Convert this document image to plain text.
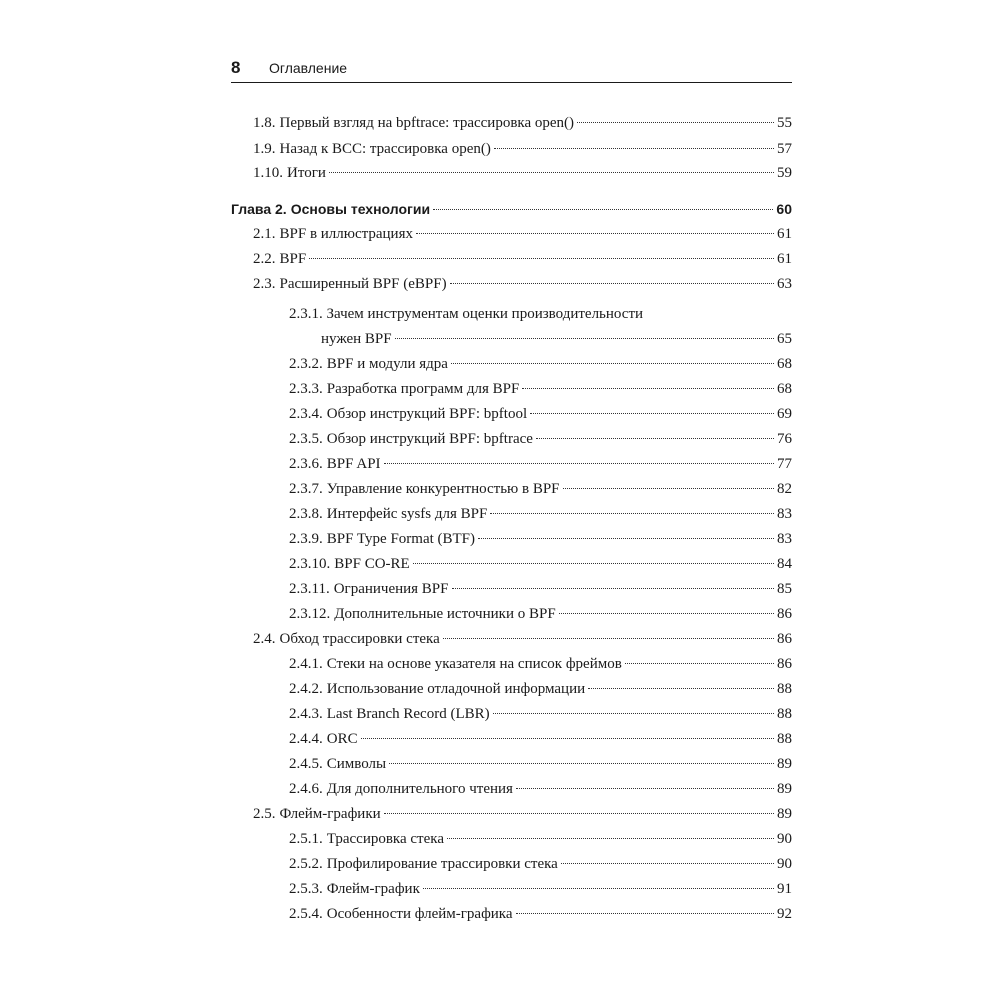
8 Оглавление
1.8. Первый взгляд на bpftrace: трассировка open()	55
1.9. Назад к BCC: трассировка open()	57
1.10. Итоги	59
Глава 2. Основы технологии	60
2.1. BPF в иллюстрациях	61
2.2. BPF	61
2.3. Расширенный BPF (eBPF)	63
2.3.1. Зачем инструментам оценки производительности
нужен BPF	65
2.3.2. BPF и модули ядра	68
2.3.3. Разработка программ для BPF	68
2.3.4. Обзор инструкций BPF: bpftool	69
2.3.5. Обзор инструкций BPF: bpftrace	76
2.3.6. BPF API	77
2.3.7. Управление конкурентностью в BPF	82
2.3.8. Интерфейс sysfs для BPF	83
2.3.9. BPF Type Format (BTF)	83
2.3.10. BPF CO-RE	84
2.3.11. Ограничения BPF	85
2.3.12. Дополнительные источники о BPF	86
2.4. Обход трассировки стека	86
2.4.1. Стеки на основе указателя на список фреймов	86
2.4.2. Использование отладочной информации	88
2.4.3. Last Branch Record (LBR)	88
2.4.4. ORC	88
2.4.5. Символы	89
2.4.6. Для дополнительного чтения	89
2.5. Флейм-графики	89
2.5.1. Трассировка стека	90
2.5.2. Профилирование трассировки стека	90
2.5.3. Флейм-график	91
2.5.4. Особенности флейм-графика	92
